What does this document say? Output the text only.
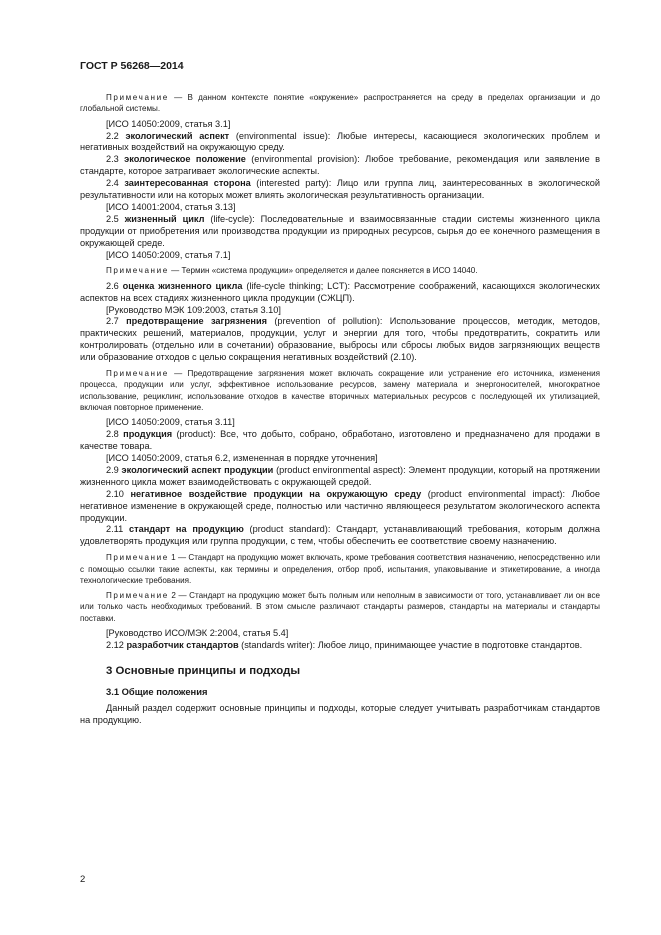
ГОСТ Р 56268—2014

Примечание — В данном контексте понятие «окружение» распространяется на среду в пределах организации и до глобальной системы.

[ИСО 14050:2009, статья 3.1]

2.2 экологический аспект (environmental issue): Любые интересы, касающиеся экологических проблем и негативных воздействий на окружающую среду.

2.3 экологическое положение (environmental provision): Любое требование, рекомендация или заявление в стандарте, которое затрагивает экологические аспекты.

2.4 заинтересованная сторона (interested party): Лицо или группа лиц, заинтересованных в экологической результативности или на которых может влиять экологическая результативность организации.

[ИСО 14001:2004, статья 3.13]

2.5 жизненный цикл (life-cycle): Последовательные и взаимосвязанные стадии системы жизненного цикла продукции от приобретения или производства продукции из природных ресурсов, сырья до ее конечного размещения в окружающей среде.

[ИСО 14050:2009, статья 7.1]

Примечание — Термин «система продукции» определяется и далее поясняется в ИСО 14040.

2.6 оценка жизненного цикла (life-cycle thinking; LCT): Рассмотрение соображений, касающихся экологических аспектов на всех стадиях жизненного цикла продукции (СЖЦП).

[Руководство МЭК 109:2003, статья 3.10]

2.7 предотвращение загрязнения (prevention of pollution): Использование процессов, методик, методов, практических решений, материалов, продукции, услуг и энергии для того, чтобы предотвратить, сократить или контролировать (отдельно или в сочетании) образование, выбросы или сбросы любых видов загрязняющих веществ или образование отходов с целью сокращения негативных воздействий (2.10).

Примечание — Предотвращение загрязнения может включать сокращение или устранение его источника, изменения процесса, продукции или услуг, эффективное использование ресурсов, замену материала и энергоносителей, многократное использование, рециклинг, использование отходов в качестве вторичных материальных ресурсов с последующей их утилизацией, включая повторное применение.

[ИСО 14050:2009, статья 3.11]

2.8 продукция (product): Все, что добыто, собрано, обработано, изготовлено и предназначено для продажи в качестве товара.

[ИСО 14050:2009, статья 6.2, измененная в порядке уточнения]

2.9 экологический аспект продукции (product environmental aspect): Элемент продукции, который на протяжении жизненного цикла может взаимодействовать с окружающей средой.

2.10 негативное воздействие продукции на окружающую среду (product environmental impact): Любое негативное изменение в окружающей среде, полностью или частично являющееся результатом экологического аспекта продукции.

2.11 стандарт на продукцию (product standard): Стандарт, устанавливающий требования, которым должна удовлетворять продукция или группа продукции, с тем, чтобы обеспечить ее соответствие своему назначению.

Примечание 1 — Стандарт на продукцию может включать, кроме требования соответствия назначению, непосредственно или с помощью ссылки такие аспекты, как термины и определения, отбор проб, испытания, упаковывание и этикетирование, а иногда технологические требования.

Примечание 2 — Стандарт на продукцию может быть полным или неполным в зависимости от того, устанавливает ли он все или только часть необходимых требований. В этом смысле различают стандарты размеров, стандарты на материалы и стандарты поставки.

[Руководство ИСО/МЭК 2:2004, статья 5.4]

2.12 разработчик стандартов (standards writer): Любое лицо, принимающее участие в подготовке стандартов.

3 Основные принципы и подходы
3.1 Общие положения

Данный раздел содержит основные принципы и подходы, которые следует учитывать разработчикам стандартов на продукцию.

2
